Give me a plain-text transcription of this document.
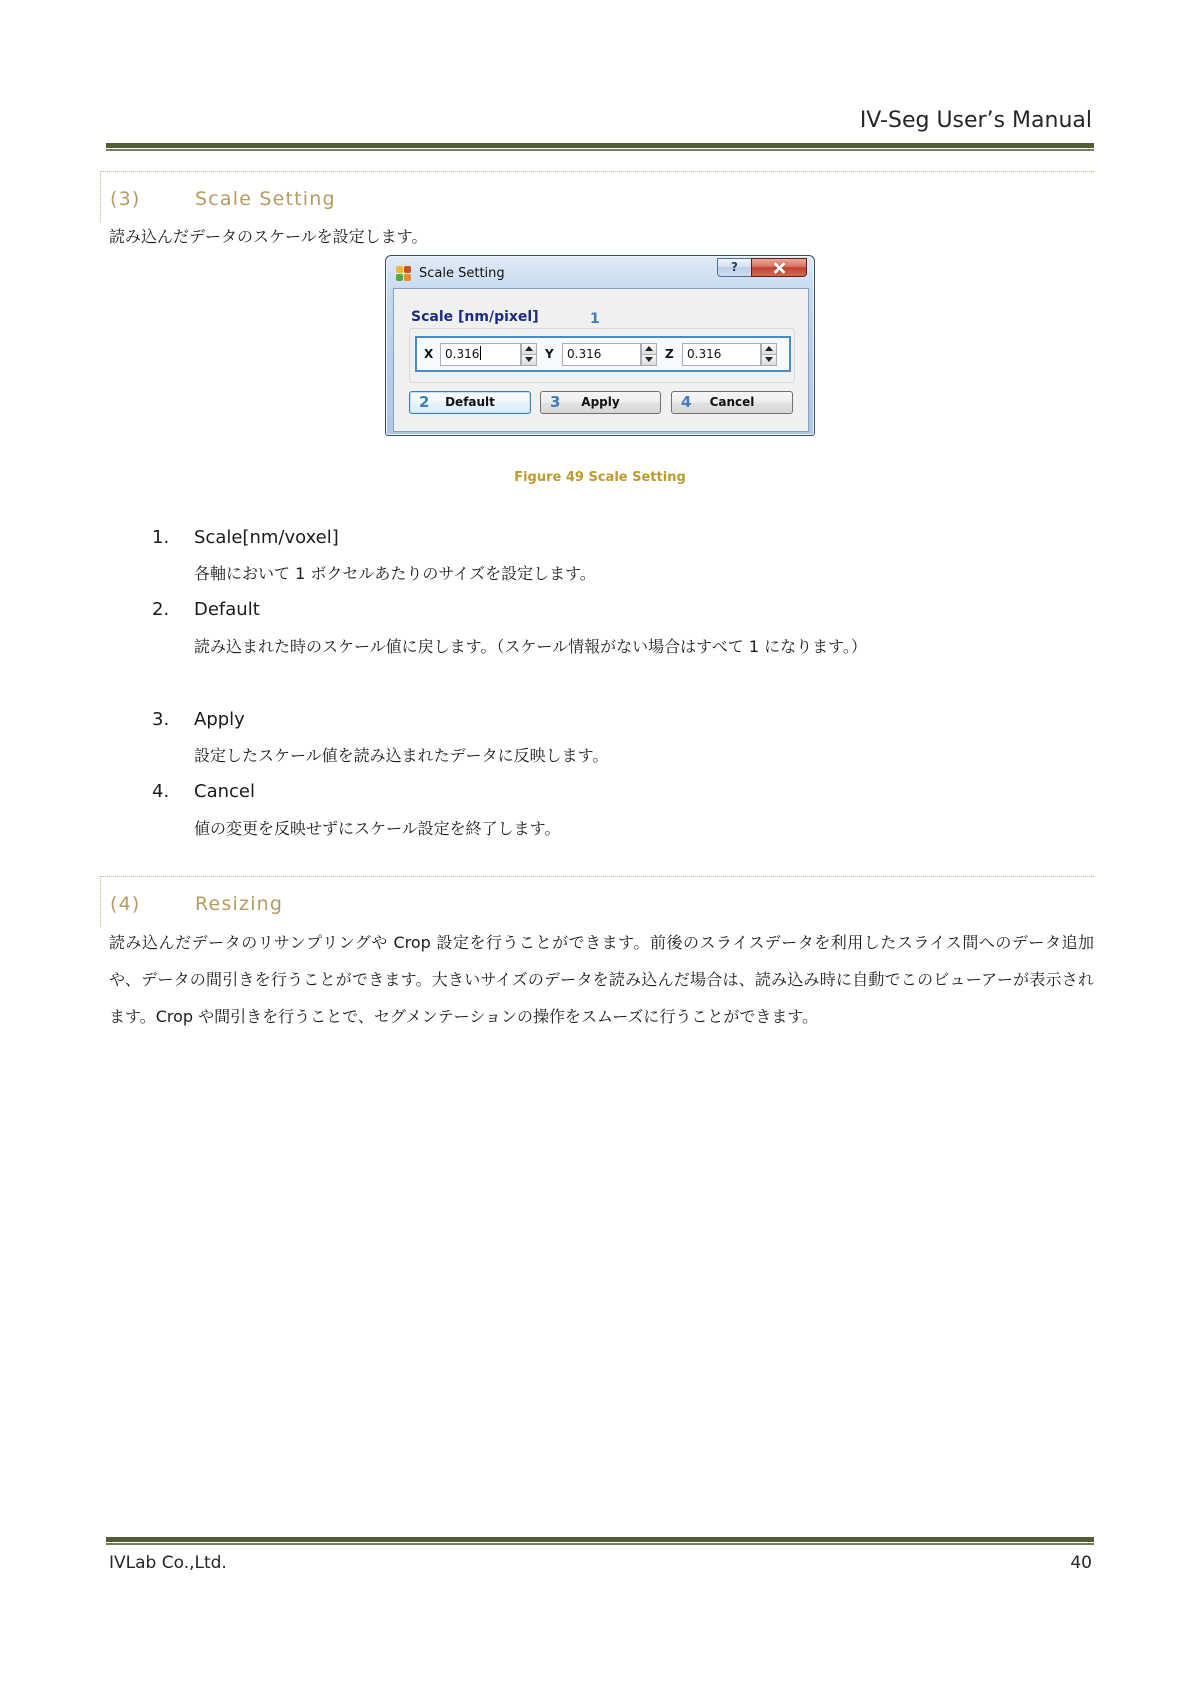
IV-Seg User’s Manual
(3)	Scale Setting
読み込んだデータのスケールを設定します。
Scale Setting	?
Scale [nm/pixel]	1
X 0.316	Y	0.316	Z	0.316
2	Default	3	Apply	4	Cancel
Figure 49 Scale Setting
1. Scale[nm/voxel]
各軸において 1 ボクセルあたりのサイズを設定します。
2. Default
読み込まれた時のスケール値に戻します。（スケール情報がない場合はすべて 1 になります。）
3. Apply
設定したスケール値を読み込まれたデータに反映します。
4. Cancel
値の変更を反映せずにスケール設定を終了します。
(4)	Resizing
読み込んだデータのリサンプリングや Crop 設定を行うことができます。前後のスライスデータを利用したスライス間へのデータ追加や、データの間引きを行うことができます。大きいサイズのデータを読み込んだ場合は、読み込み時に自動でこのビューアーが表示されます。Crop や間引きを行うことで、セグメンテーションの操作をスムーズに行うことができます。
IVLab Co.,Ltd.	40
